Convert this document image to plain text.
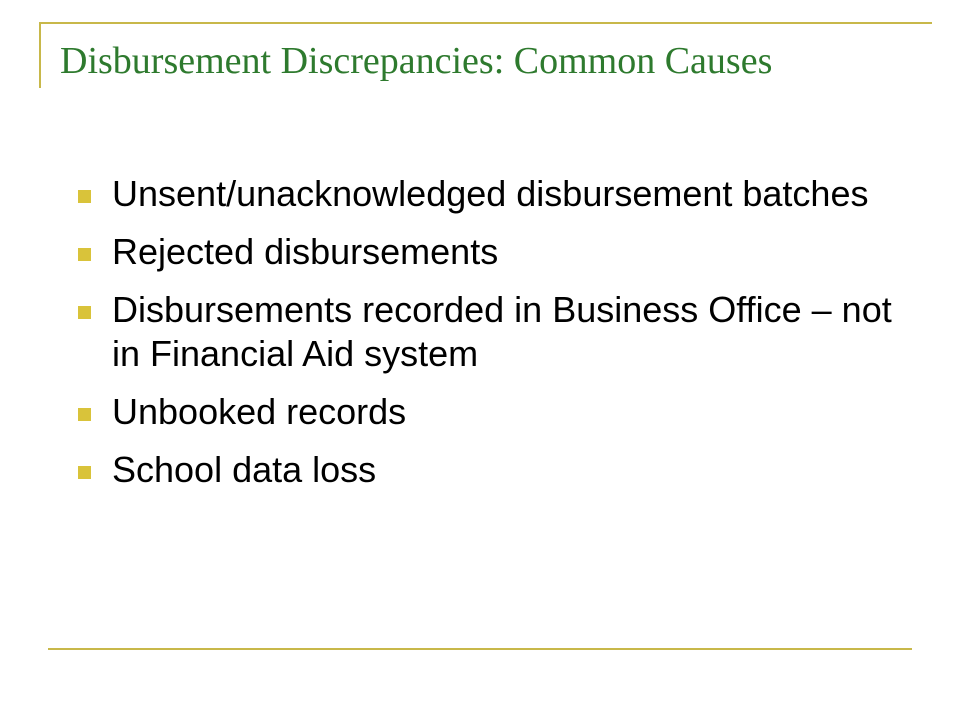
Disbursement Discrepancies: Common Causes
Unsent/unacknowledged disbursement batches
Rejected disbursements
Disbursements recorded in Business Office – not in Financial Aid system
Unbooked records
School data loss
